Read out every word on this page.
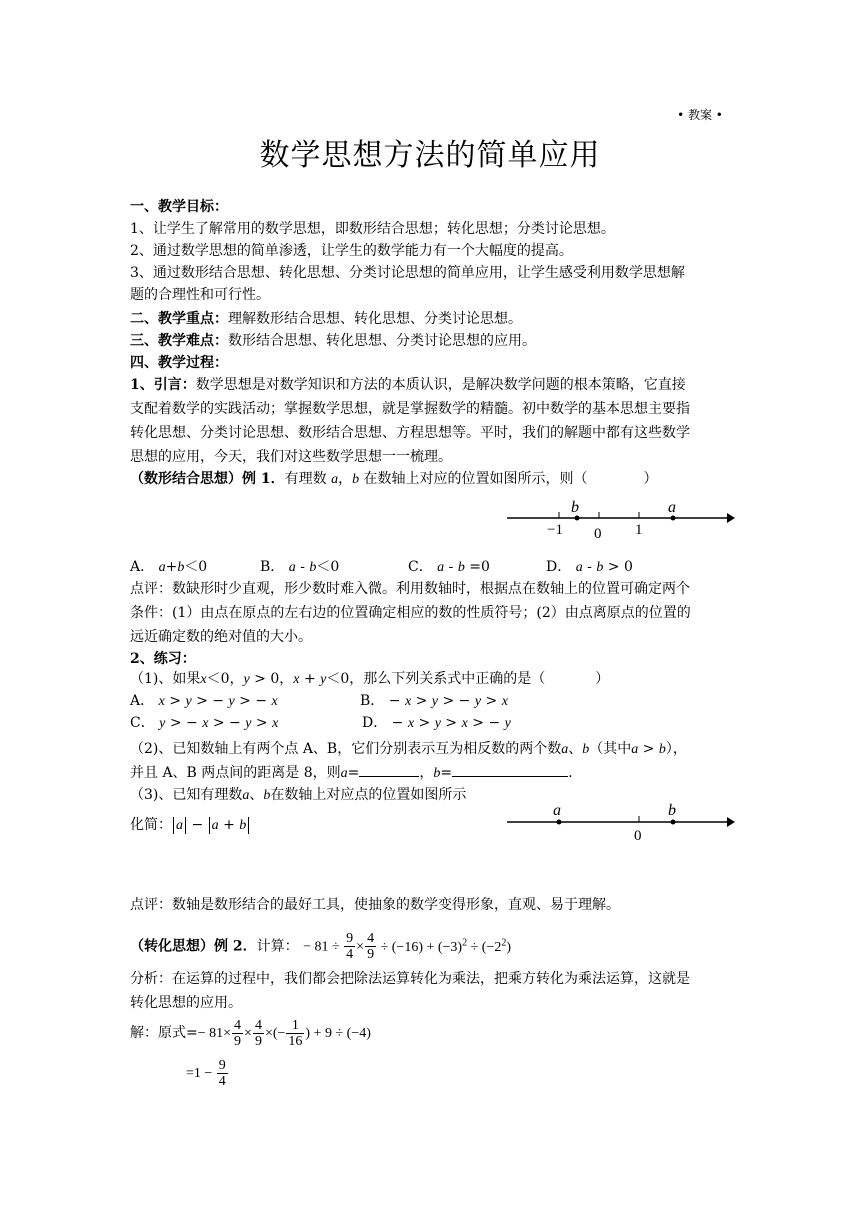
• 教案 •
数学思想方法的简单应用
一、教学目标：
1、让学生了解常用的数学思想，即数形结合思想；转化思想；分类讨论思想。
2、通过数学思想的简单渗透，让学生的数学能力有一个大幅度的提高。
3、通过数形结合思想、转化思想、分类讨论思想的简单应用，让学生感受利用数学思想解
题的合理性和可行性。
二、教学重点：理解数形结合思想、转化思想、分类讨论思想。
三、教学难点：数形结合思想、转化思想、分类讨论思想的应用。
四、教学过程：
1、引言：数学思想是对数学知识和方法的本质认识，是解决数学问题的根本策略，它直接
支配着数学的实践活动；掌握数学思想，就是掌握数学的精髓。初中数学的基本思想主要指
转化思想、分类讨论思想、数形结合思想、方程思想等。平时，我们的解题中都有这些数学
思想的应用，今天，我们对这些数学思想一一梳理。
（数形结合思想）例 1．有理数 a，b 在数轴上对应的位置如图所示，则（	）
b	a
−1 0 1
A． a+b＜0	B． a - b＜0	C． a - b =0	D． a - b > 0
点评：数缺形时少直观，形少数时难入微。利用数轴时，根据点在数轴上的位置可确定两个
条件：(1）由点在原点的左右边的位置确定相应的数的性质符号；(2）由点离原点的位置的
远近确定数的绝对值的大小。
2、练习：
（1)、如果x＜0，y > 0，x + y＜0，那么下列关系式中正确的是（	）
A． x > y > − y > − x	B． − x > y > − y > x
C． y > − x > − y > x	D． − x > y > x > − y
（2)、已知数轴上有两个点 A、B，它们分别表示互为相反数的两个数a、b（其中a > b），
并且 A、B 两点间的距离是 8，则a=	，b=	.
（3)、已知有理数a、b在数轴上对应点的位置如图所示
化简： a − a + b
a	b
0
点评：数轴是数形结合的最好工具，使抽象的数学变得形象，直观、易于理解。
（转化思想）例 2．计算： − $81 \div \frac{9}{4} \times \frac{4}{9} \div (-16) + (-3)^2 \div (-2^2)$
分析：在运算的过程中，我们都会把除法运算转化为乘法，把乘方转化为乘法运算，这就是
转化思想的应用。
解：原式=− $81\times \frac{4}{9} \times \frac{4}{9}$ ×(− $\frac{1}{16}$ ) + 9 ÷ (−4)
$=1 - \frac{9}{4}$
